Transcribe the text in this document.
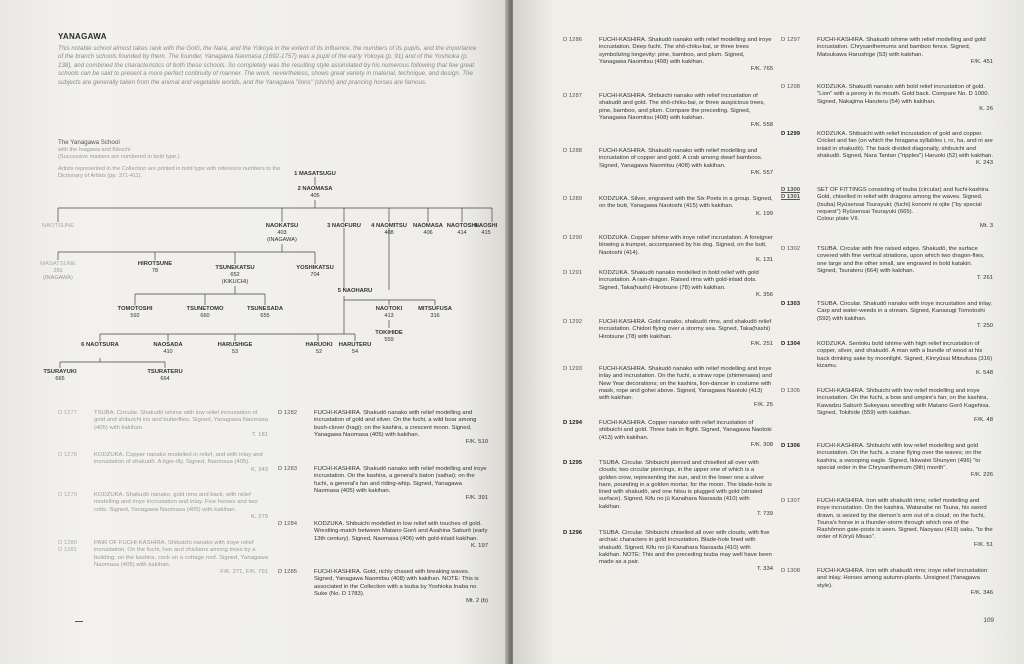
YANAGAWA
This notable school almost takes rank with the Gotō, the Nara, and the Yokoya in the extent of its influence, the numbers of its pupils, and the importance of the branch schools founded by them. The founder, Yanagawa Naomasa (1692-1757) was a pupil of the early Yokoya (p. 91) and of the Yoshioka (p. 138), and combined the characteristics of both these schools. So completely was the resulting style assimilated by his numerous following that few great schools can be said to present a more perfect continuity of manner. The work, nevertheless, shows great variety in material, technique, and design. The subjects are generally taken from the animal and vegetable worlds, and the Yanagawa "lions" (shishi) and prancing horses are famous.
The Yanagawa School
with the Inagawa and Kikuchi
(Successive masters are numbered in bold type.)
Artists represented in the Collection are printed in bold type with reference numbers to the Dictionary of Artists (pp. 371-411).	1 MASATSUGU
2 NAOMASA
405
NAOTSUNE	NAOKATSU
403
(INAGAWA)
3 NAOFURU	4 NAOMITSU
408
NAOMASA
406
NAOTOSHI
414
NAOSHI
415
MASATSUNE
291
(INAGAWA)
HIROTSUNE
78	TSUNEKATSU
652
(KIKUCHI)
YOSHIKATSU
704
5 NAOHARU
TOMOTOSHI
592
TSUNETOMO
660
TSUNESADA
655
NAOTOKI
413
MITSUFUSA
316
TOKIHIDE
559
6 NAOTSURA	NAOSADA
410
HARUSHIGE
53
HARUOKI
52
HARUTERU
54
TSURAYUKI
665
TSURATERU
664
D 1277	TSUBA. Circular. Shakudō ishime with low relief incrustation of gold and shibuichi iris and butterflies. Signed, Yanagawa Naomasa (405) with kakihan.
T. 181
D 1278	KODZUKA. Copper nanako modelled in relief, and with inlay and incrustation of shakudō. A tiger-lily. Signed, Naomasa (405).
K. 343
D 1279	KODZUKA. Shakudō nanako, gold rims and back, with relief modelling and iroye incrustation and inlay. Five horses and two colts. Signed, Yanagawa Naomasa (405) with kakihan.
K. 279
D 1280
D 1281
PAIR OF FUCHI-KASHIRA. Shibuichi nanako with iroye relief incrustation. On the fuchi, hen and chickens among trees by a building; on the kashira, cock on a cottage roof. Signed, Yanagawa Naomasa (405) with kakihan.
F/K. 271, F/K. 791
D 1282	FUCHI-KASHIRA. Shakudō nanako with relief modelling and incrustation of gold and silver. On the fuchi, a wild boar among bush-clover (hagi); on the kashira, a crescent moon. Signed, Yanagawa Naomasa (405) with kakihan.
F/K. 510
D 1283	FUCHI-KASHIRA. Shakudō nanako with relief modelling and iroye incrustation. On the kashira, a general's baton (saihai); on the fuchi, a general's fan and riding-whip. Signed, Yanagawa Naomasa (405) with kakihan.
F/K. 391
D 1284	KODZUKA. Shibuichi modelled in low relief with touches of gold. Wrestling-match between Matano Gorō and Asahina Saburō (early 13th century). Signed, Naomasa (406) with gold-inlaid kakihan.
K. 197
D 1285	FUCHI-KASHIRA. Gold, richly chased with breaking waves. Signed, Yanagawa Naomitsu (408) with kakihan. NOTE: This is associated in the Collection with a tsuba by Yoshioka Inaba no Suke (No. D 1783).
Mt. 2 (b)
D 1286	FUCHI-KASHIRA. Shakudō nanako with relief modelling and iroye incrustation. Deep fuchi. The shō-chiku-bai, or three trees symbolizing longevity: pine, bamboo, and plum. Signed, Yanagawa Naomitsu (408) with kakihan.
F/K. 765
D 1287	FUCHI-KASHIRA. Shibuichi nanako with relief incrustation of shakudō and gold. The shō-chiku-bai, or three auspicious trees, pine, bamboo, and plum. Compare the preceding. Signed, Yanagawa Naomitsu (408) with kakihan.
F/K. 558
D 1288	FUCHI-KASHIRA. Shakudō nanako with relief modelling and incrustation of copper and gold. A crab among dwarf bamboos. Signed, Yanagawa Naomitsu (408) with kakihan.
F/K. 557
D 1289	KODZUKA. Silver, engraved with the Six Poets in a group. Signed, on the butt, Yanagawa Naotoshi (415) with kakihan.
K. 199
D 1290	KODZUKA. Copper ishime with iroye relief incrustation. A foreigner blowing a trumpet, accompanied by his dog. Signed, on the butt, Naotoshi (414).
K. 131
D 1291	KODZUKA. Shakudō nanako modelled in bold relief with gold incrustation. A rain-dragon. Raised rims with gold-inlaid dots. Signed, Taka(hashi) Hirotsune (78) with kakihan.
K. 356
D 1292	FUCHI-KASHIRA. Gold nanako, shakudō rims, and shakudō relief incrustation. Chidori flying over a stormy sea. Signed, Taka(hashi) Hirotsune (78) with kakihan.
F/K. 251
D 1293	FUCHI-KASHIRA. Shakudō nanako with relief modelling and iroye inlay and incrustation. On the fuchi, a straw rope (shimenawa) and New Year decorations; on the kashira, lion-dancer in costume with mask, rope and gohei above. Signed, Yanagawa Naotoki (413) with kakihan.
F/K. 25
D 1294	FUCHI-KASHIRA. Copper nanako with relief incrustation of shibuichi and gold. Three bats in flight. Signed, Yanagawa Naotoki (413) with kakihan.
F/K. 308
D 1295	TSUBA. Circular. Shibuichi pierced and chiselled all over with clouds; two circular piercings, in the upper one of which is a golden crow, representing the sun, and in the lower one a silver hare, pounding in a golden mortar, for the moon. The blade-hole is lined with shakudō, and one hitsu is plugged with gold (striated surface). Signed, Kifu no jū Kanahara Naosada (410) with kakihan.
T. 739
D 1296	TSUBA. Circular. Shibuichi chiselled all over with clouds, with five archaic characters in gold incrustation. Blade-hole lined with shakudō. Signed, Kifu no jū Kanahara Naosada (410) with kakihan. NOTE: This and the preceding tsuba may well have been made as a pair.
T. 334
D 1297	FUCHI-KASHIRA. Shakudō ishime with relief modelling and gold incrustation. Chrysanthemums and bamboo fence. Signed, Matsukawa Harushige (53) with kakihan.
F/K. 451
D 1298	KODZUKA. Shakudō nanako with bold relief incrustation of gold. "Lion" with a peony in its mouth. Gold back. Compare No. D 1000. Signed, Nakajima Haruteru (54) with kakihan.
K. 26
D 1299	KODZUKA. Shibuichi with relief incrustation of gold and copper. Cricket and fan (on which the hiragana syllables i, ro, ha, and ni are inlaid in shakudō). The back divided diagonally, shibuichi and shakudō. Signed, Nara Tantan ("ripples") Haruoki (52) with kakihan.
K. 243
D 1300
D 1301
SET OF FITTINGS consisting of tsuba (circular) and fuchi-kashira. Gold, chiselled in relief with dragons among the waves. Signed, (tsuba) Ryūsensai Tsurayuki; (fuchi) konomi ni ojite ("by special request") Ryūsensai Tsurayuki (665).
Colour plate VII.
Mt. 3
D 1302	TSUBA. Circular with fine raised edges. Shakudō, the surface covered with fine vertical striations, upon which two dragon-flies, one large and the other small, are engraved in bold katakiri. Signed, Tsurateru (664) with kakihan.
T. 261
D 1303	TSUBA. Circular. Shakudō nanako with iroye incrustation and inlay. Carp and water-weeds in a stream. Signed, Kanasugi Tomotoshi (592) with kakihan.
T. 250
D 1304	KODZUKA. Sentoku bold ishime with high relief incrustation of copper, silver, and shakudō. A man with a bundle of wood at his back drinking sake by moonlight. Signed, Kinryūsai Mitsufusa (316) kizamu.
K. 548
D 1305	FUCHI-KASHIRA. Shibuichi with low relief modelling and iroye incrustation. On the fuchi, a bow and umpire's fan; on the kashira, Kawadzu Saburō Sukeyasu wrestling with Matano Gorō Kagehisa. Signed, Tokihide (559) with kakihan.
F/K. 48
D 1306	FUCHI-KASHIRA. Shibuichi with low relief modelling and gold incrustation. On the fuchi, a crane flying over the waves; on the kashira, a swooping eagle. Signed, Ikkwatei Shunyen (496) "to special order in the Chrysanthemum (9th) month".
F/K. 226
D 1307	FUCHI-KASHIRA. Iron with shakudō rims; relief modelling and iroye incrustation. On the kashira, Watanabe no Tsuna, his sword drawn, is seized by the demon's arm out of a cloud; on the fuchi, Tsuna's horse in a thunder-storm through which one of the Rashōmon gate-posts is seen. Signed, Naoyasu (419) saku, "to the order of Kōryū Misao".
F/K. 51
D 1308	FUCHI-KASHIRA. Iron with shakudō rims; iroye relief incrustation and inlay. Horses among autumn-plants. Unsigned (Yanagawa style).
F/K. 346
109
